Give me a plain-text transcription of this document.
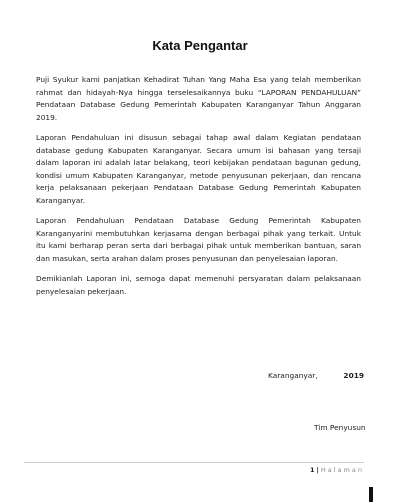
Kata Pengantar

Puji Syukur kami panjatkan Kehadirat Tuhan Yang Maha Esa yang telah memberikan rahmat dan hidayah-Nya hingga terselesaikannya buku “LAPORAN PENDAHULUAN” Pendataan Database Gedung Pemerintah Kabupaten Karanganyar Tahun Anggaran 2019.

Laporan Pendahuluan ini disusun sebagai tahap awal dalam Kegiatan pendataan database gedung Kabupaten Karanganyar. Secara umum isi bahasan yang tersaji dalam laporan ini adalah latar belakang, teori kebijakan pendataan bagunan gedung, kondisi umum Kabupaten Karanganyar, metode penyusunan pekerjaan, dan rencana kerja pelaksanaan pekerjaan Pendataan Database Gedung Pemerintah Kabupaten Karanganyar.

Laporan Pendahuluan Pendataan Database Gedung Pemerintah Kabupaten Karanganyarini membutuhkan kerjasama dengan berbagai pihak yang terkait. Untuk itu kami berharap peran serta dari berbagai pihak untuk memberikan bantuan, saran dan masukan, serta arahan dalam proses penyusunan dan penyelesaian laporan.

Demikianlah Laporan ini, semoga dapat memenuhi persyaratan dalam pelaksanaan penyelesaian pekerjaan.

Karanganyar,	2019
Tim Penyusun
1 | Halaman
